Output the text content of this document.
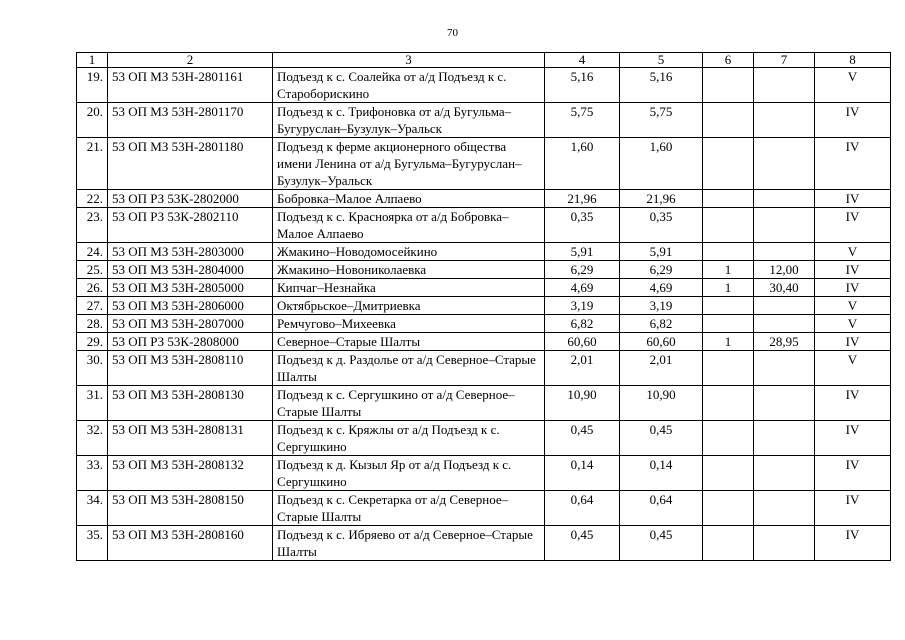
70
1	2	3	4	5	6	7	8
19.	53 ОП МЗ 53Н-2801161	Подъезд к с. Соалейка от а/д Подъезд к с. Староборискино	5,16	5,16			V
20.	53 ОП МЗ 53Н-2801170	Подъезд к с. Трифоновка от а/д Бугульма–Бугуруслан–Бузулук–Уральск	5,75	5,75			IV
21.	53 ОП МЗ 53Н-2801180	Подъезд к ферме акционерного общества имени Ленина от а/д Бугульма–Бугуруслан–Бузулук–Уральск	1,60	1,60			IV
22.	53 ОП РЗ 53К-2802000	Бобровка–Малое Алпаево	21,96	21,96			IV
23.	53 ОП РЗ 53К-2802110	Подъезд к с. Красноярка от а/д Бобровка–Малое Алпаево	0,35	0,35			IV
24.	53 ОП МЗ 53Н-2803000	Жмакино–Новодомосейкино	5,91	5,91			V
25.	53 ОП МЗ 53Н-2804000	Жмакино–Новониколаевка	6,29	6,29	1	12,00	IV
26.	53 ОП МЗ 53Н-2805000	Кипчаг–Незнайка	4,69	4,69	1	30,40	IV
27.	53 ОП МЗ 53Н-2806000	Октябрьское–Дмитриевка	3,19	3,19			V
28.	53 ОП МЗ 53Н-2807000	Ремчугово–Михеевка	6,82	6,82			V
29.	53 ОП РЗ 53К-2808000	Северное–Старые Шалты	60,60	60,60	1	28,95	IV
30.	53 ОП МЗ 53Н-2808110	Подъезд к д. Раздолье от а/д Северное–Старые Шалты	2,01	2,01			V
31.	53 ОП МЗ 53Н-2808130	Подъезд к с. Сергушкино от а/д Северное–Старые Шалты	10,90	10,90			IV
32.	53 ОП МЗ 53Н-2808131	Подъезд к с. Кряжлы от а/д Подъезд к с. Сергушкино	0,45	0,45			IV
33.	53 ОП МЗ 53Н-2808132	Подъезд к д. Кызыл Яр от а/д Подъезд к с. Сергушкино	0,14	0,14			IV
34.	53 ОП МЗ 53Н-2808150	Подъезд к с. Секретарка от а/д Северное–Старые Шалты	0,64	0,64			IV
35.	53 ОП МЗ 53Н-2808160	Подъезд к с. Ибряево от а/д Северное–Старые Шалты	0,45	0,45			IV
